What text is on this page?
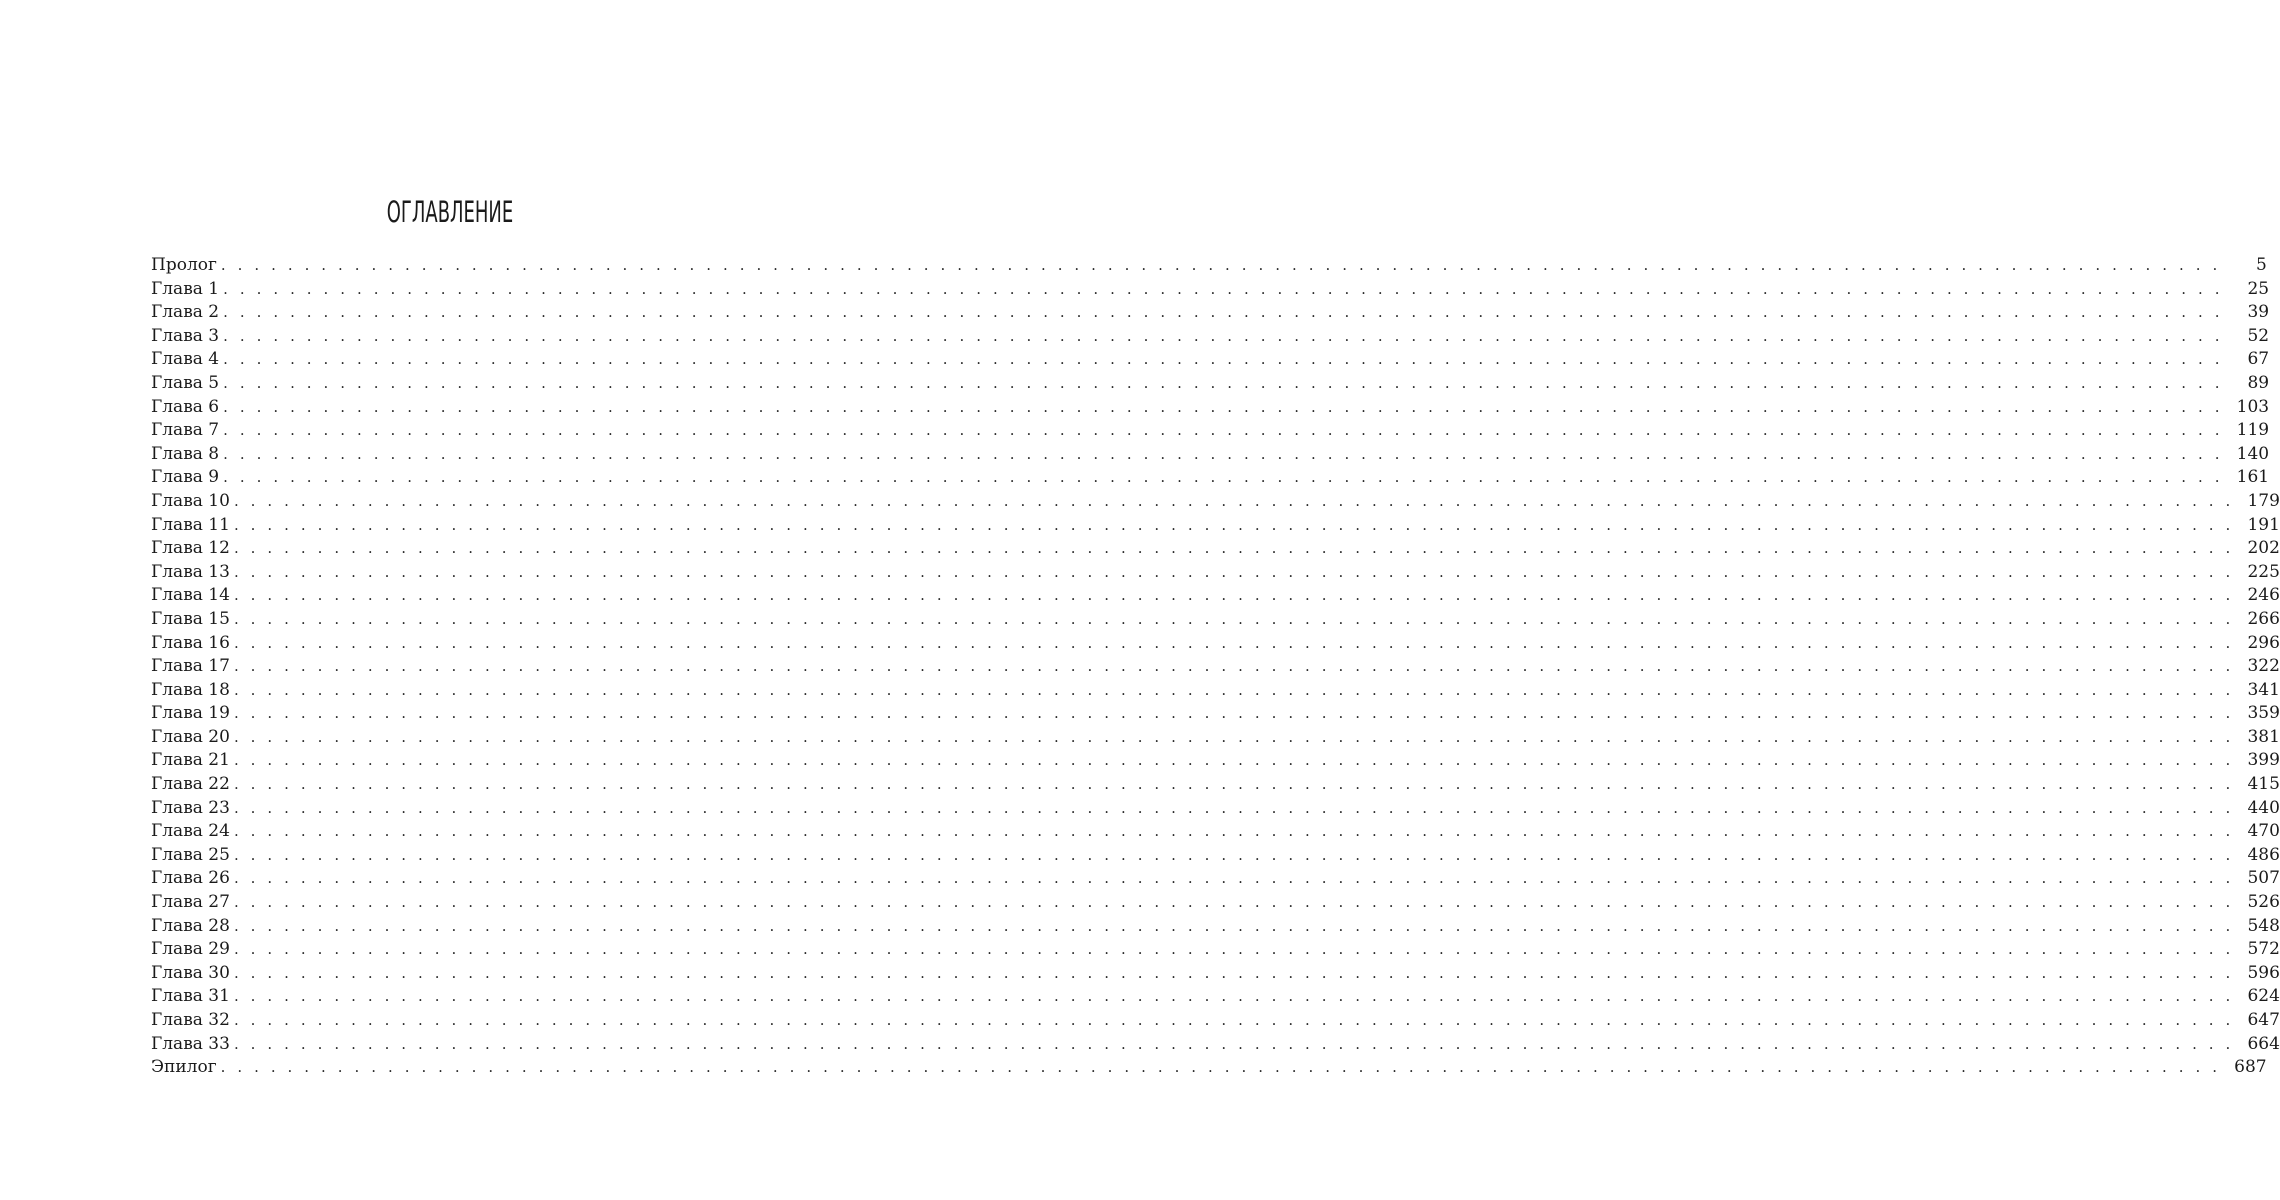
ОГЛАВЛЕНИЕ
Пролог . . . . . . . . . . . . . . . . . . . . . . . . . . . . . . . . . . . . . . . . . . . . . . . . . . . . . . . . . . . . . . . . . . . . . . . . . . . . . . . . . . . . . . . . . . . . . . . . . . . . . . . . . . . . . . . . . . . . . . . .	5
Глава 1 . . . . . . . . . . . . . . . . . . . . . . . . . . . . . . . . . . . . . . . . . . . . . . . . . . . . . . . . . . . . . . . . . . . . . . . . . . . . . . . . . . . . . . . . . . . . . . . . . . . . . . . . . . . . . . . . . . . . . . . .	25
Глава 2 . . . . . . . . . . . . . . . . . . . . . . . . . . . . . . . . . . . . . . . . . . . . . . . . . . . . . . . . . . . . . . . . . . . . . . . . . . . . . . . . . . . . . . . . . . . . . . . . . . . . . . . . . . . . . . . . . . . . . . . .	39
Глава 3 . . . . . . . . . . . . . . . . . . . . . . . . . . . . . . . . . . . . . . . . . . . . . . . . . . . . . . . . . . . . . . . . . . . . . . . . . . . . . . . . . . . . . . . . . . . . . . . . . . . . . . . . . . . . . . . . . . . . . . . .	52
Глава 4 . . . . . . . . . . . . . . . . . . . . . . . . . . . . . . . . . . . . . . . . . . . . . . . . . . . . . . . . . . . . . . . . . . . . . . . . . . . . . . . . . . . . . . . . . . . . . . . . . . . . . . . . . . . . . . . . . . . . . . . .	67
Глава 5 . . . . . . . . . . . . . . . . . . . . . . . . . . . . . . . . . . . . . . . . . . . . . . . . . . . . . . . . . . . . . . . . . . . . . . . . . . . . . . . . . . . . . . . . . . . . . . . . . . . . . . . . . . . . . . . . . . . . . . . .	89
Глава 6 . . . . . . . . . . . . . . . . . . . . . . . . . . . . . . . . . . . . . . . . . . . . . . . . . . . . . . . . . . . . . . . . . . . . . . . . . . . . . . . . . . . . . . . . . . . . . . . . . . . . . . . . . . . . . . . . . . . . . . . . 103
Глава 7 . . . . . . . . . . . . . . . . . . . . . . . . . . . . . . . . . . . . . . . . . . . . . . . . . . . . . . . . . . . . . . . . . . . . . . . . . . . . . . . . . . . . . . . . . . . . . . . . . . . . . . . . . . . . . . . . . . . . . . . . 119
Глава 8 . . . . . . . . . . . . . . . . . . . . . . . . . . . . . . . . . . . . . . . . . . . . . . . . . . . . . . . . . . . . . . . . . . . . . . . . . . . . . . . . . . . . . . . . . . . . . . . . . . . . . . . . . . . . . . . . . . . . . . . . 140
Глава 9 . . . . . . . . . . . . . . . . . . . . . . . . . . . . . . . . . . . . . . . . . . . . . . . . . . . . . . . . . . . . . . . . . . . . . . . . . . . . . . . . . . . . . . . . . . . . . . . . . . . . . . . . . . . . . . . . . . . . . . . . 161
Глава 10 . . . . . . . . . . . . . . . . . . . . . . . . . . . . . . . . . . . . . . . . . . . . . . . . . . . . . . . . . . . . . . . . . . . . . . . . . . . . . . . . . . . . . . . . . . . . . . . . . . . . . . . . . . . . . . . . . . . . . . . . 179
Глава 11 . . . . . . . . . . . . . . . . . . . . . . . . . . . . . . . . . . . . . . . . . . . . . . . . . . . . . . . . . . . . . . . . . . . . . . . . . . . . . . . . . . . . . . . . . . . . . . . . . . . . . . . . . . . . . . . . . . . . . . . . 191
Глава 12 . . . . . . . . . . . . . . . . . . . . . . . . . . . . . . . . . . . . . . . . . . . . . . . . . . . . . . . . . . . . . . . . . . . . . . . . . . . . . . . . . . . . . . . . . . . . . . . . . . . . . . . . . . . . . . . . . . . . . . . . 202
Глава 13 . . . . . . . . . . . . . . . . . . . . . . . . . . . . . . . . . . . . . . . . . . . . . . . . . . . . . . . . . . . . . . . . . . . . . . . . . . . . . . . . . . . . . . . . . . . . . . . . . . . . . . . . . . . . . . . . . . . . . . . . 225
Глава 14 . . . . . . . . . . . . . . . . . . . . . . . . . . . . . . . . . . . . . . . . . . . . . . . . . . . . . . . . . . . . . . . . . . . . . . . . . . . . . . . . . . . . . . . . . . . . . . . . . . . . . . . . . . . . . . . . . . . . . . . . 246
Глава 15 . . . . . . . . . . . . . . . . . . . . . . . . . . . . . . . . . . . . . . . . . . . . . . . . . . . . . . . . . . . . . . . . . . . . . . . . . . . . . . . . . . . . . . . . . . . . . . . . . . . . . . . . . . . . . . . . . . . . . . . . 266
Глава 16 . . . . . . . . . . . . . . . . . . . . . . . . . . . . . . . . . . . . . . . . . . . . . . . . . . . . . . . . . . . . . . . . . . . . . . . . . . . . . . . . . . . . . . . . . . . . . . . . . . . . . . . . . . . . . . . . . . . . . . . . 296
Глава 17 . . . . . . . . . . . . . . . . . . . . . . . . . . . . . . . . . . . . . . . . . . . . . . . . . . . . . . . . . . . . . . . . . . . . . . . . . . . . . . . . . . . . . . . . . . . . . . . . . . . . . . . . . . . . . . . . . . . . . . . . 322
Глава 18 . . . . . . . . . . . . . . . . . . . . . . . . . . . . . . . . . . . . . . . . . . . . . . . . . . . . . . . . . . . . . . . . . . . . . . . . . . . . . . . . . . . . . . . . . . . . . . . . . . . . . . . . . . . . . . . . . . . . . . . . 341
Глава 19 . . . . . . . . . . . . . . . . . . . . . . . . . . . . . . . . . . . . . . . . . . . . . . . . . . . . . . . . . . . . . . . . . . . . . . . . . . . . . . . . . . . . . . . . . . . . . . . . . . . . . . . . . . . . . . . . . . . . . . . . 359
Глава 20 . . . . . . . . . . . . . . . . . . . . . . . . . . . . . . . . . . . . . . . . . . . . . . . . . . . . . . . . . . . . . . . . . . . . . . . . . . . . . . . . . . . . . . . . . . . . . . . . . . . . . . . . . . . . . . . . . . . . . . . . 381
Глава 21 . . . . . . . . . . . . . . . . . . . . . . . . . . . . . . . . . . . . . . . . . . . . . . . . . . . . . . . . . . . . . . . . . . . . . . . . . . . . . . . . . . . . . . . . . . . . . . . . . . . . . . . . . . . . . . . . . . . . . . . . 399
Глава 22 . . . . . . . . . . . . . . . . . . . . . . . . . . . . . . . . . . . . . . . . . . . . . . . . . . . . . . . . . . . . . . . . . . . . . . . . . . . . . . . . . . . . . . . . . . . . . . . . . . . . . . . . . . . . . . . . . . . . . . . . 415
Глава 23 . . . . . . . . . . . . . . . . . . . . . . . . . . . . . . . . . . . . . . . . . . . . . . . . . . . . . . . . . . . . . . . . . . . . . . . . . . . . . . . . . . . . . . . . . . . . . . . . . . . . . . . . . . . . . . . . . . . . . . . . 440
Глава 24 . . . . . . . . . . . . . . . . . . . . . . . . . . . . . . . . . . . . . . . . . . . . . . . . . . . . . . . . . . . . . . . . . . . . . . . . . . . . . . . . . . . . . . . . . . . . . . . . . . . . . . . . . . . . . . . . . . . . . . . . 470
Глава 25 . . . . . . . . . . . . . . . . . . . . . . . . . . . . . . . . . . . . . . . . . . . . . . . . . . . . . . . . . . . . . . . . . . . . . . . . . . . . . . . . . . . . . . . . . . . . . . . . . . . . . . . . . . . . . . . . . . . . . . . . 486
Глава 26 . . . . . . . . . . . . . . . . . . . . . . . . . . . . . . . . . . . . . . . . . . . . . . . . . . . . . . . . . . . . . . . . . . . . . . . . . . . . . . . . . . . . . . . . . . . . . . . . . . . . . . . . . . . . . . . . . . . . . . . . 507
Глава 27 . . . . . . . . . . . . . . . . . . . . . . . . . . . . . . . . . . . . . . . . . . . . . . . . . . . . . . . . . . . . . . . . . . . . . . . . . . . . . . . . . . . . . . . . . . . . . . . . . . . . . . . . . . . . . . . . . . . . . . . . 526
Глава 28 . . . . . . . . . . . . . . . . . . . . . . . . . . . . . . . . . . . . . . . . . . . . . . . . . . . . . . . . . . . . . . . . . . . . . . . . . . . . . . . . . . . . . . . . . . . . . . . . . . . . . . . . . . . . . . . . . . . . . . . . 548
Глава 29 . . . . . . . . . . . . . . . . . . . . . . . . . . . . . . . . . . . . . . . . . . . . . . . . . . . . . . . . . . . . . . . . . . . . . . . . . . . . . . . . . . . . . . . . . . . . . . . . . . . . . . . . . . . . . . . . . . . . . . . . 572
Глава 30 . . . . . . . . . . . . . . . . . . . . . . . . . . . . . . . . . . . . . . . . . . . . . . . . . . . . . . . . . . . . . . . . . . . . . . . . . . . . . . . . . . . . . . . . . . . . . . . . . . . . . . . . . . . . . . . . . . . . . . . . 596
Глава 31 . . . . . . . . . . . . . . . . . . . . . . . . . . . . . . . . . . . . . . . . . . . . . . . . . . . . . . . . . . . . . . . . . . . . . . . . . . . . . . . . . . . . . . . . . . . . . . . . . . . . . . . . . . . . . . . . . . . . . . . . 624
Глава 32 . . . . . . . . . . . . . . . . . . . . . . . . . . . . . . . . . . . . . . . . . . . . . . . . . . . . . . . . . . . . . . . . . . . . . . . . . . . . . . . . . . . . . . . . . . . . . . . . . . . . . . . . . . . . . . . . . . . . . . . . 647
Глава 33 . . . . . . . . . . . . . . . . . . . . . . . . . . . . . . . . . . . . . . . . . . . . . . . . . . . . . . . . . . . . . . . . . . . . . . . . . . . . . . . . . . . . . . . . . . . . . . . . . . . . . . . . . . . . . . . . . . . . . . . . 664
Эпилог . . . . . . . . . . . . . . . . . . . . . . . . . . . . . . . . . . . . . . . . . . . . . . . . . . . . . . . . . . . . . . . . . . . . . . . . . . . . . . . . . . . . . . . . . . . . . . . . . . . . . . . . . . . . . . . . . . . . . . . . 687
